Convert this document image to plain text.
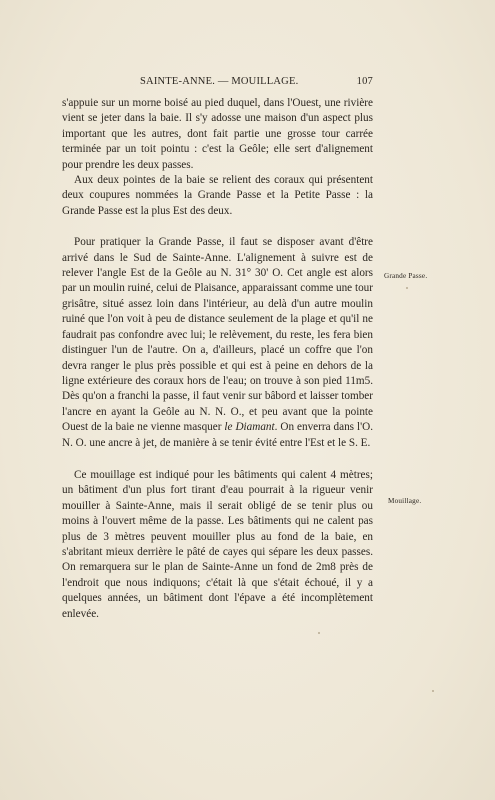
SAINTE-ANNE. — MOUILLAGE.	107
Grande Passe.
Mouillage.

s'appuie sur un morne boisé au pied duquel, dans l'Ouest, une rivière vient se jeter dans la baie. Il s'y adosse une maison d'un aspect plus important que les autres, dont fait partie une grosse tour carrée terminée par un toit pointu : c'est la Geôle; elle sert d'alignement pour prendre les deux passes.

Aux deux pointes de la baie se relient des coraux qui présentent deux coupures nommées la Grande Passe et la Petite Passe : la Grande Passe est la plus Est des deux.

Pour pratiquer la Grande Passe, il faut se disposer avant d'être arrivé dans le Sud de Sainte-Anne. L'alignement à suivre est de relever l'angle Est de la Geôle au N. 31° 30' O. Cet angle est alors par un moulin ruiné, celui de Plaisance, apparaissant comme une tour grisâtre, situé assez loin dans l'intérieur, au delà d'un autre moulin ruiné que l'on voit à peu de distance seulement de la plage et qu'il ne faudrait pas confondre avec lui; le relèvement, du reste, les fera bien distinguer l'un de l'autre. On a, d'ailleurs, placé un coffre que l'on devra ranger le plus près possible et qui est à peine en dehors de la ligne extérieure des coraux hors de l'eau; on trouve à son pied 11m5. Dès qu'on a franchi la passe, il faut venir sur bâbord et laisser tomber l'ancre en ayant la Geôle au N. N. O., et peu avant que la pointe Ouest de la baie ne vienne masquer le Diamant. On enverra dans l'O. N. O. une ancre à jet, de manière à se tenir évité entre l'Est et le S. E.

Ce mouillage est indiqué pour les bâtiments qui calent 4 mètres; un bâtiment d'un plus fort tirant d'eau pourrait à la rigueur venir mouiller à Sainte-Anne, mais il serait obligé de se tenir plus ou moins à l'ouvert même de la passe. Les bâtiments qui ne calent pas plus de 3 mètres peuvent mouiller plus au fond de la baie, en s'abritant mieux derrière le pâté de cayes qui sépare les deux passes. On remarquera sur le plan de Sainte-Anne un fond de 2m8 près de l'endroit que nous indiquons; c'était là que s'était échoué, il y a quelques années, un bâtiment dont l'épave a été incomplètement enlevée.
